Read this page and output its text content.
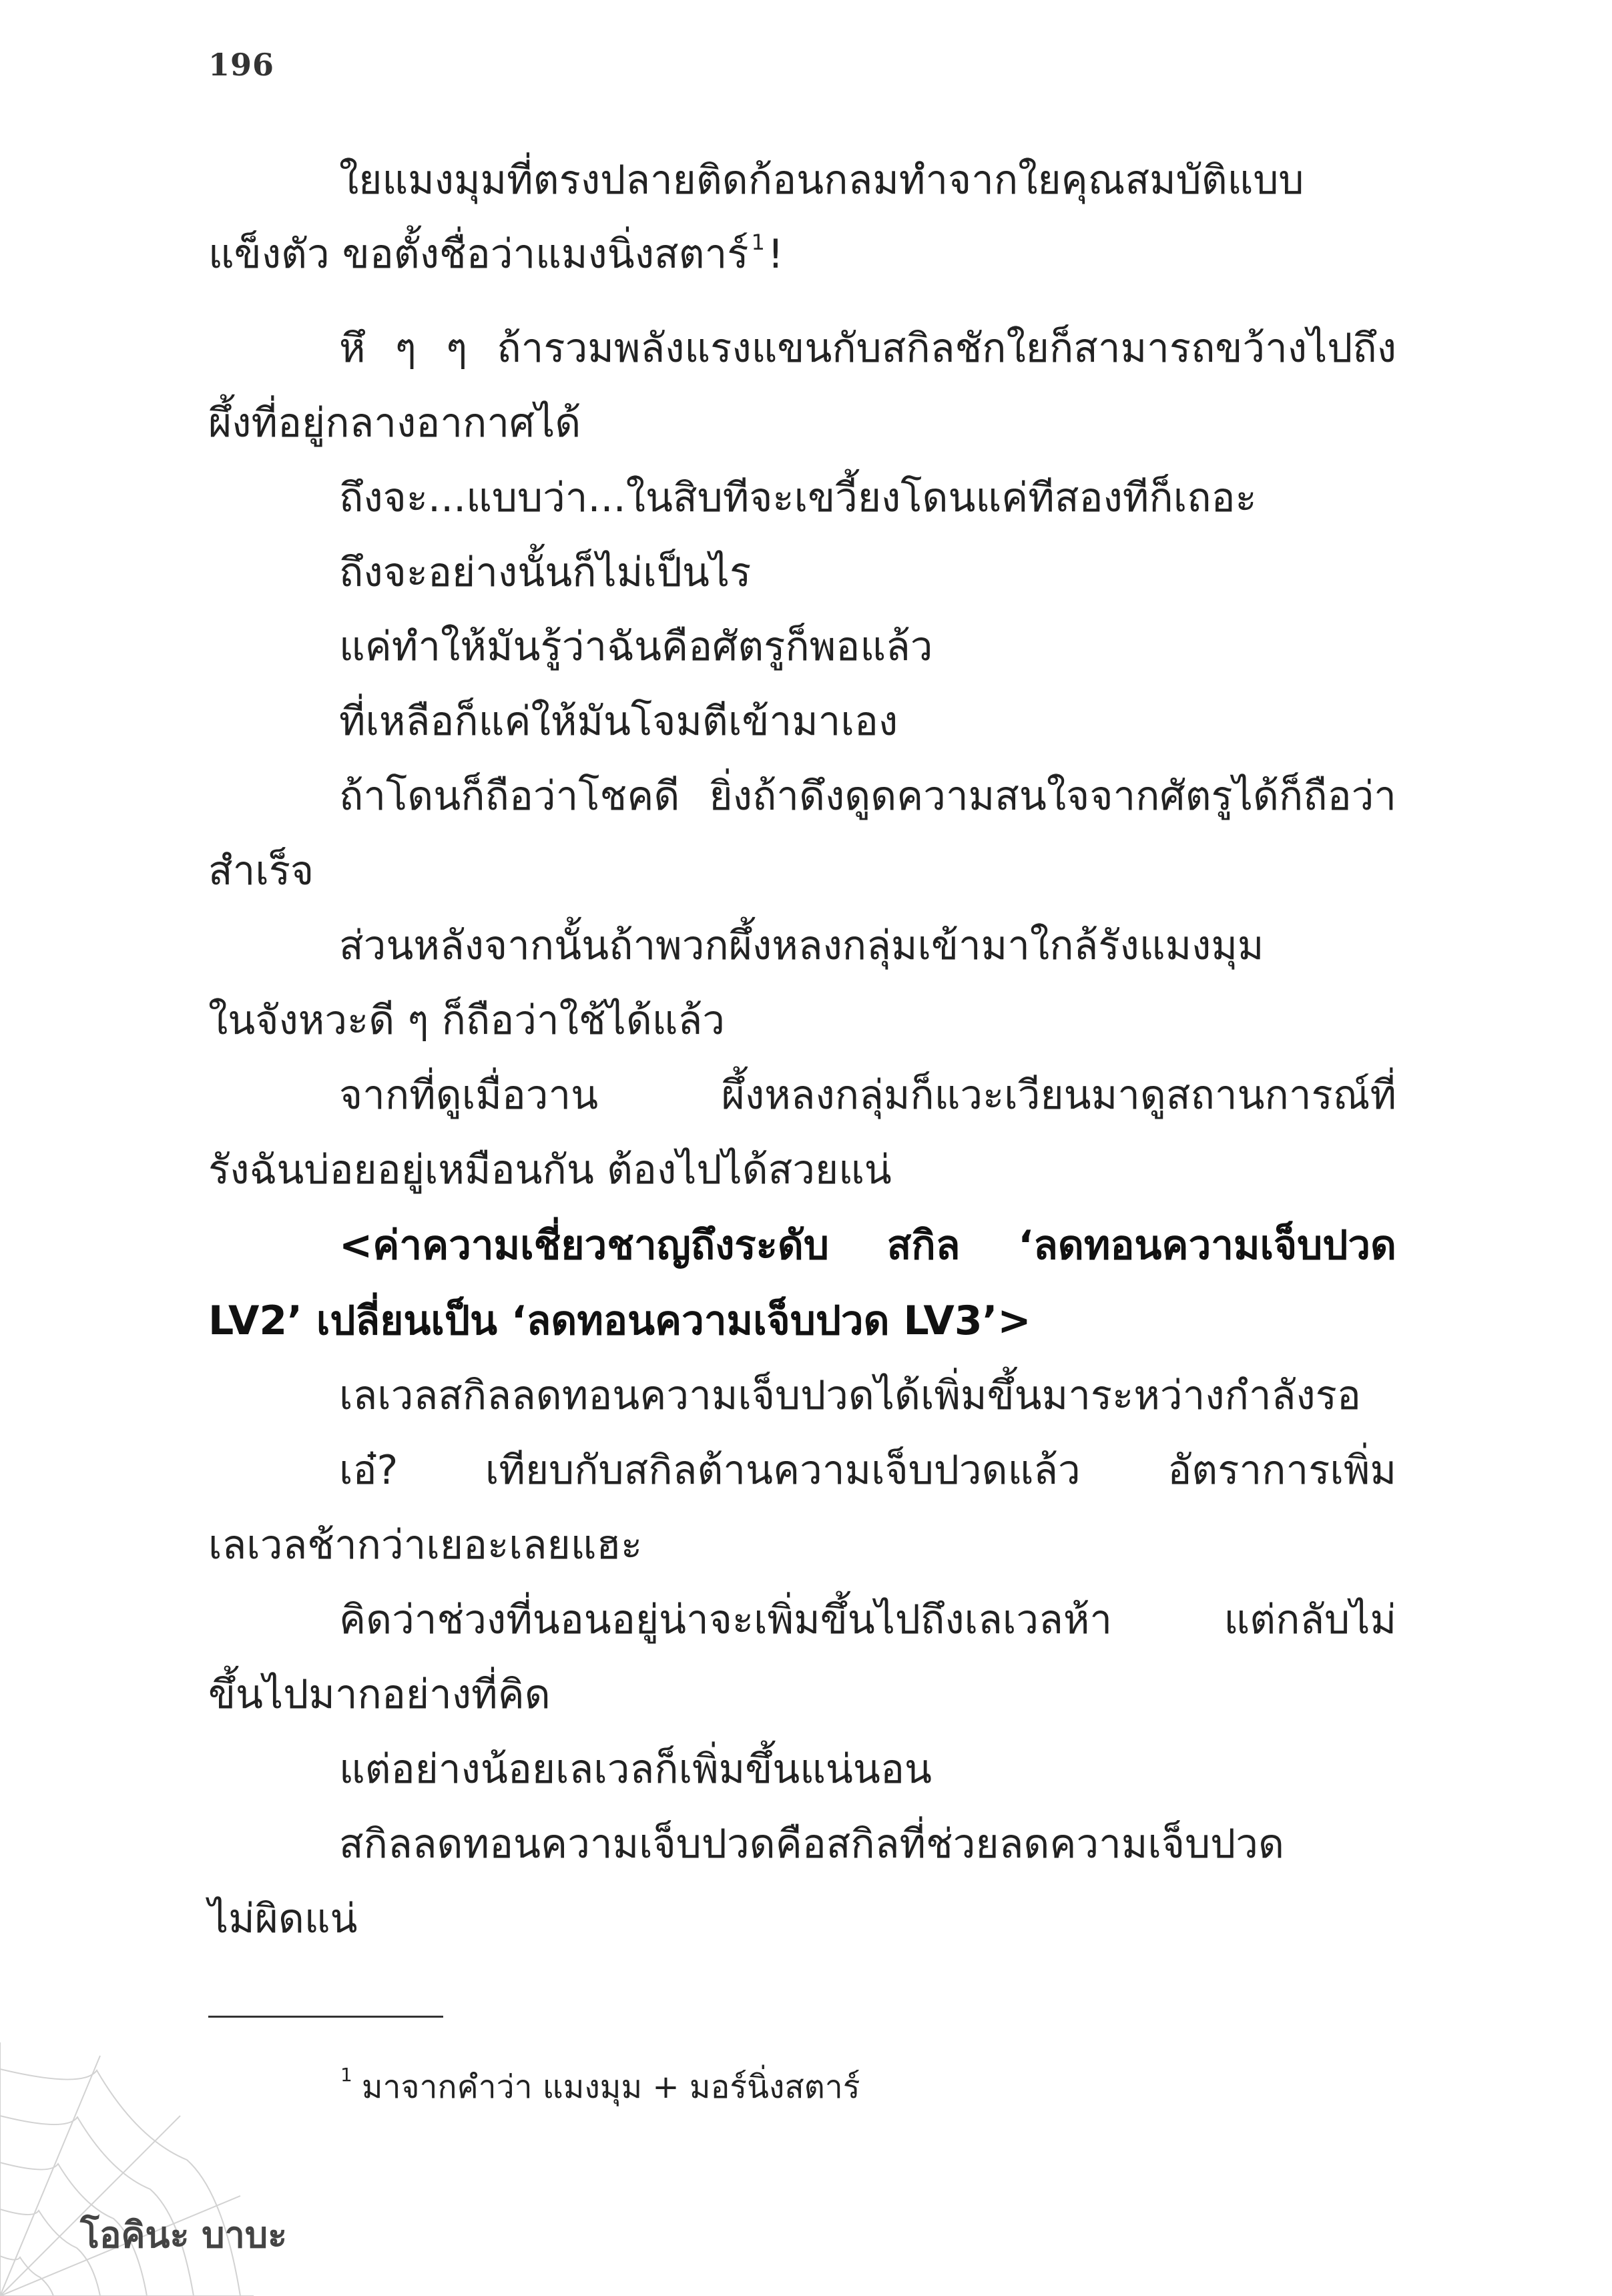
196
ใยแมงมุมที่ตรงปลายติดก้อนกลมทำจากใยคุณสมบัติแบบ
แข็งตัว ขอตั้งชื่อว่าแมงนิ่งสตาร์ $^1$!
หึ ๆ ๆ ถ้ารวมพลังแรงแขนกับสกิลชักใยก็สามารถขว้างไปถึง
ผึ้งที่อยู่กลางอากาศได้
ถึงจะ...แบบว่า...ในสิบทีจะเขวี้ยงโดนแค่ทีสองทีก็เถอะ
ถึงจะอย่างนั้นก็ไม่เป็นไร
แค่ทำให้มันรู้ว่าฉันคือศัตรูก็พอแล้ว
ที่เหลือก็แค่ให้มันโจมตีเข้ามาเอง
ถ้าโดนก็ถือว่าโชคดี ยิ่งถ้าดึงดูดความสนใจจากศัตรูได้ก็ถือว่า
สำเร็จ
ส่วนหลังจากนั้นถ้าพวกผึ้งหลงกลุ่มเข้ามาใกล้รังแมงมุม
ในจังหวะดี ๆ ก็ถือว่าใช้ได้แล้ว
จากที่ดูเมื่อวาน ผึ้งหลงกลุ่มก็แวะเวียนมาดูสถานการณ์ที่
รังฉันบ่อยอยู่เหมือนกัน ต้องไปได้สวยแน่
<ค่าความเชี่ยวชาญถึงระดับ สกิล ‘ลดทอนความเจ็บปวด
LV2’ เปลี่ยนเป็น ‘ลดทอนความเจ็บปวด LV3’>
เลเวลสกิลลดทอนความเจ็บปวดได้เพิ่มขึ้นมาระหว่างกำลังรอ
เอ๋? เทียบกับสกิลต้านความเจ็บปวดแล้ว อัตราการเพิ่ม
เลเวลช้ากว่าเยอะเลยแฮะ
คิดว่าช่วงที่นอนอยู่น่าจะเพิ่มขึ้นไปถึงเลเวลห้า แต่กลับไม่
ขึ้นไปมากอย่างที่คิด
แต่อย่างน้อยเลเวลก็เพิ่มขึ้นแน่นอน
สกิลลดทอนความเจ็บปวดคือสกิลที่ช่วยลดความเจ็บปวด
ไม่ผิดแน่
$^1$ มาจากคำว่า แมงมุม + มอร์นิ่งสตาร์
โอคินะ บาบะ
